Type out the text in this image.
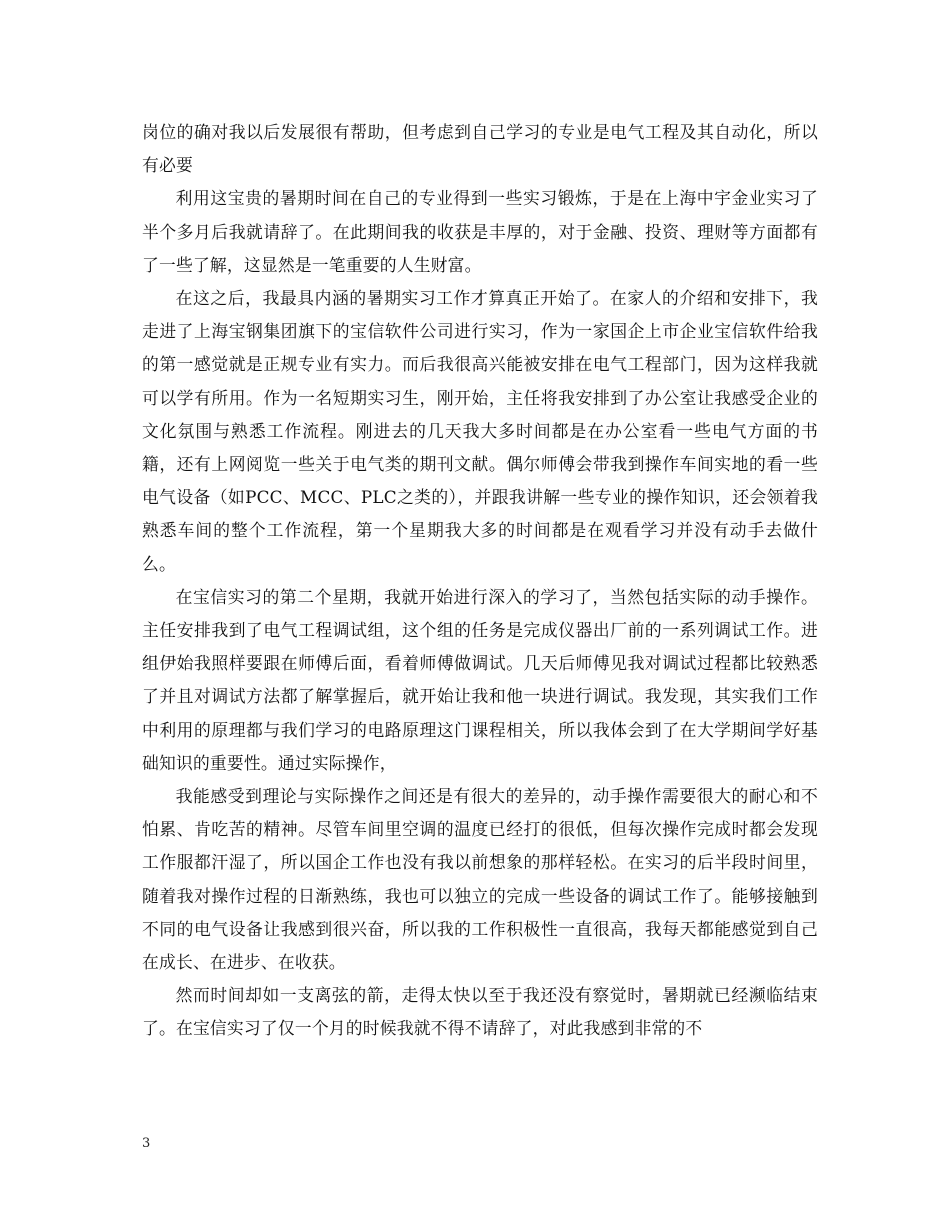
岗位的确对我以后发展很有帮助，但考虑到自己学习的专业是电气工程及其自动化，所以有必要

利用这宝贵的暑期时间在自己的专业得到一些实习锻炼，于是在上海中宇金业实习了半个多月后我就请辞了。在此期间我的收获是丰厚的，对于金融、投资、理财等方面都有了一些了解，这显然是一笔重要的人生财富。

在这之后，我最具内涵的暑期实习工作才算真正开始了。在家人的介绍和安排下，我走进了上海宝钢集团旗下的宝信软件公司进行实习，作为一家国企上市企业宝信软件给我的第一感觉就是正规专业有实力。而后我很高兴能被安排在电气工程部门，因为这样我就可以学有所用。作为一名短期实习生，刚开始，主任将我安排到了办公室让我感受企业的文化氛围与熟悉工作流程。刚进去的几天我大多时间都是在办公室看一些电气方面的书籍，还有上网阅览一些关于电气类的期刊文献。偶尔师傅会带我到操作车间实地的看一些电气设备（如PCC、MCC、PLC之类的），并跟我讲解一些专业的操作知识，还会领着我熟悉车间的整个工作流程，第一个星期我大多的时间都是在观看学习并没有动手去做什么。

在宝信实习的第二个星期，我就开始进行深入的学习了，当然包括实际的动手操作。主任安排我到了电气工程调试组，这个组的任务是完成仪器出厂前的一系列调试工作。进组伊始我照样要跟在师傅后面，看着师傅做调试。几天后师傅见我对调试过程都比较熟悉了并且对调试方法都了解掌握后，就开始让我和他一块进行调试。我发现，其实我们工作中利用的原理都与我们学习的电路原理这门课程相关，所以我体会到了在大学期间学好基础知识的重要性。通过实际操作，

我能感受到理论与实际操作之间还是有很大的差异的，动手操作需要很大的耐心和不怕累、肯吃苦的精神。尽管车间里空调的温度已经打的很低，但每次操作完成时都会发现工作服都汗湿了，所以国企工作也没有我以前想象的那样轻松。在实习的后半段时间里，随着我对操作过程的日渐熟练，我也可以独立的完成一些设备的调试工作了。能够接触到不同的电气设备让我感到很兴奋，所以我的工作积极性一直很高，我每天都能感觉到自己在成长、在进步、在收获。

然而时间却如一支离弦的箭，走得太快以至于我还没有察觉时，暑期就已经濒临结束了。在宝信实习了仅一个月的时候我就不得不请辞了，对此我感到非常的不

3
